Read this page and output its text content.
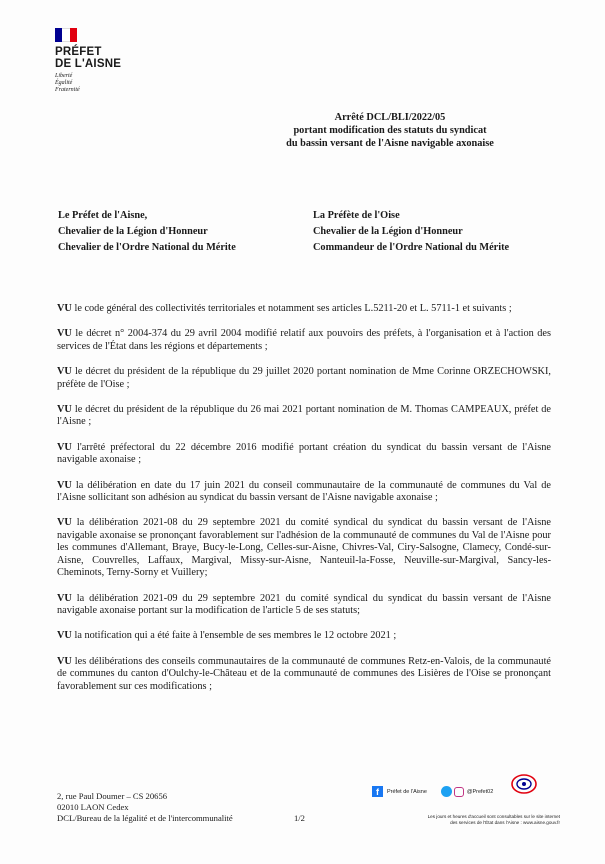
PRÉFET
DE L'AISNE
Liberté
Égalité
Fraternité
Arrêté DCL/BLI/2022/05
portant modification des statuts du syndicat
du bassin versant de l'Aisne navigable axonaise
Le Préfet de l'Aisne,
Chevalier de la Légion d'Honneur
Chevalier de l'Ordre National du Mérite
La Préfète de l'Oise
Chevalier de la Légion d'Honneur
Commandeur de l'Ordre National du Mérite

VU le code général des collectivités territoriales et notamment ses articles L.5211-20 et L. 5711-1 et suivants ;

VU le décret n° 2004-374 du 29 avril 2004 modifié relatif aux pouvoirs des préfets, à l'organisation et à l'action des services de l'État dans les régions et départements ;

VU le décret du président de la république du 29 juillet 2020 portant nomination de Mme Corinne ORZECHOWSKI, préfète de l'Oise ;

VU le décret du président de la république du 26 mai 2021 portant nomination de M. Thomas CAMPEAUX, préfet de l'Aisne ;

VU l'arrêté préfectoral du 22 décembre 2016 modifié portant création du syndicat du bassin versant de l'Aisne navigable axonaise ;

VU la délibération en date du 17 juin 2021 du conseil communautaire de la communauté de communes du Val de l'Aisne sollicitant son adhésion au syndicat du bassin versant de l'Aisne navigable axonaise ;

VU la délibération 2021-08 du 29 septembre 2021 du comité syndical du syndicat du bassin versant de l'Aisne navigable axonaise se prononçant favorablement sur l'adhésion de la communauté de communes du Val de l'Aisne pour les communes d'Allemant, Braye, Bucy-le-Long, Celles-sur-Aisne, Chivres-Val, Ciry-Salsogne, Clamecy, Condé-sur-Aisne, Couvrelles, Laffaux, Margival, Missy-sur-Aisne, Nanteuil-la-Fosse, Neuville-sur-Margival, Sancy-les-Cheminots, Terny-Sorny et Vuillery;

VU la délibération 2021-09 du 29 septembre 2021 du comité syndical du syndicat du bassin versant de l'Aisne navigable axonaise portant sur la modification de l'article 5 de ses statuts;

VU la notification qui a été faite à l'ensemble de ses membres le 12 octobre 2021 ;

VU les délibérations des conseils communautaires de la communauté de communes Retz-en-Valois, de la communauté de communes du canton d'Oulchy-le-Château et de la communauté de communes des Lisières de l'Oise se prononçant favorablement sur ces modifications ;

2, rue Paul Doumer – CS 20656
02010 LAON Cedex
DCL/Bureau de la légalité et de l'intercommunalité	1/2
f	Préfet de l'Aisne	@Prefet02
Les jours et heures d'accueil sont consultables sur le site internet
des services de l'État dans l'Aisne : www.aisne.gouv.fr
